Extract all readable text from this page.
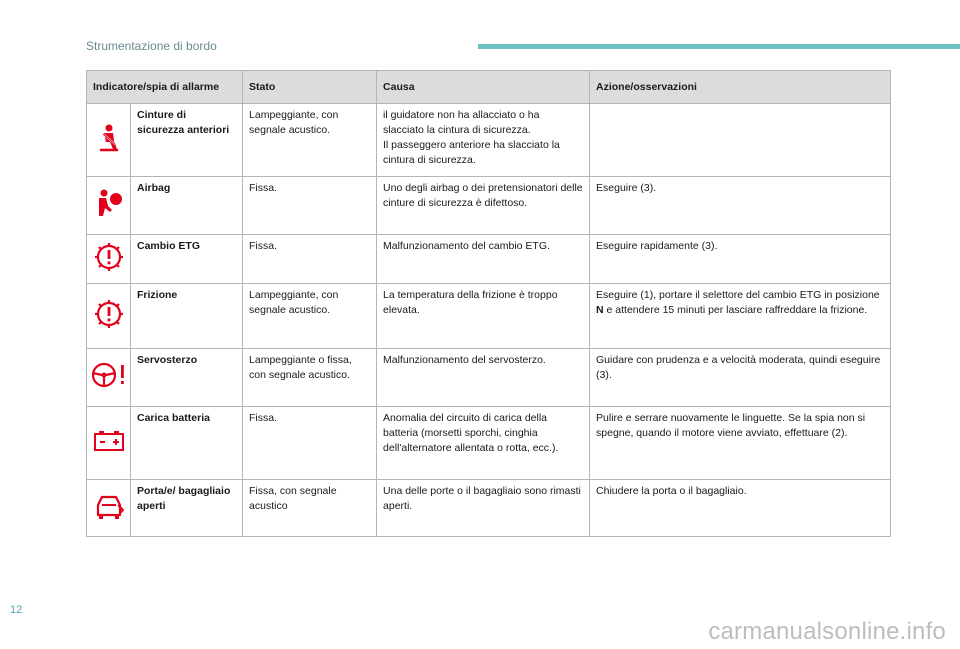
Strumentazione di bordo
Indicatore/spia di allarme		Stato	Causa	Azione/osservazioni

	Cinture di sicurezza anteriori	Lampeggiante, con segnale acustico.	il guidatore non ha allacciato o ha slacciato la cintura di sicurezza.
Il passeggero anteriore ha slacciato la cintura di sicurezza.	

	Airbag	Fissa.	Uno degli airbag o dei pretensionatori delle cinture di sicurezza è difettoso.	Eseguire (3).

	Cambio ETG	Fissa.	Malfunzionamento del cambio ETG.	Eseguire rapidamente (3).

	Frizione	Lampeggiante, con segnale acustico.	La temperatura della frizione è troppo elevata.	Eseguire (1), portare il selettore del cambio ETG in posizione N e attendere 15 minuti per lasciare raffreddare la frizione.

	Servosterzo	Lampeggiante o fissa, con segnale acustico.	Malfunzionamento del servosterzo.	Guidare con prudenza e a velocità moderata, quindi eseguire (3).

	Carica batteria	Fissa.	Anomalia del circuito di carica della batteria (morsetti sporchi, cinghia dell'alternatore allentata o rotta, ecc.).	Pulire e serrare nuovamente le linguette. Se la spia non si spegne, quando il motore viene avviato, effettuare (2).

	Porta/e/ bagagliaio aperti	Fissa, con segnale acustico	Una delle porte o il bagagliaio sono rimasti aperti.	Chiudere la porta o il bagagliaio.
12
carmanualsonline.info
